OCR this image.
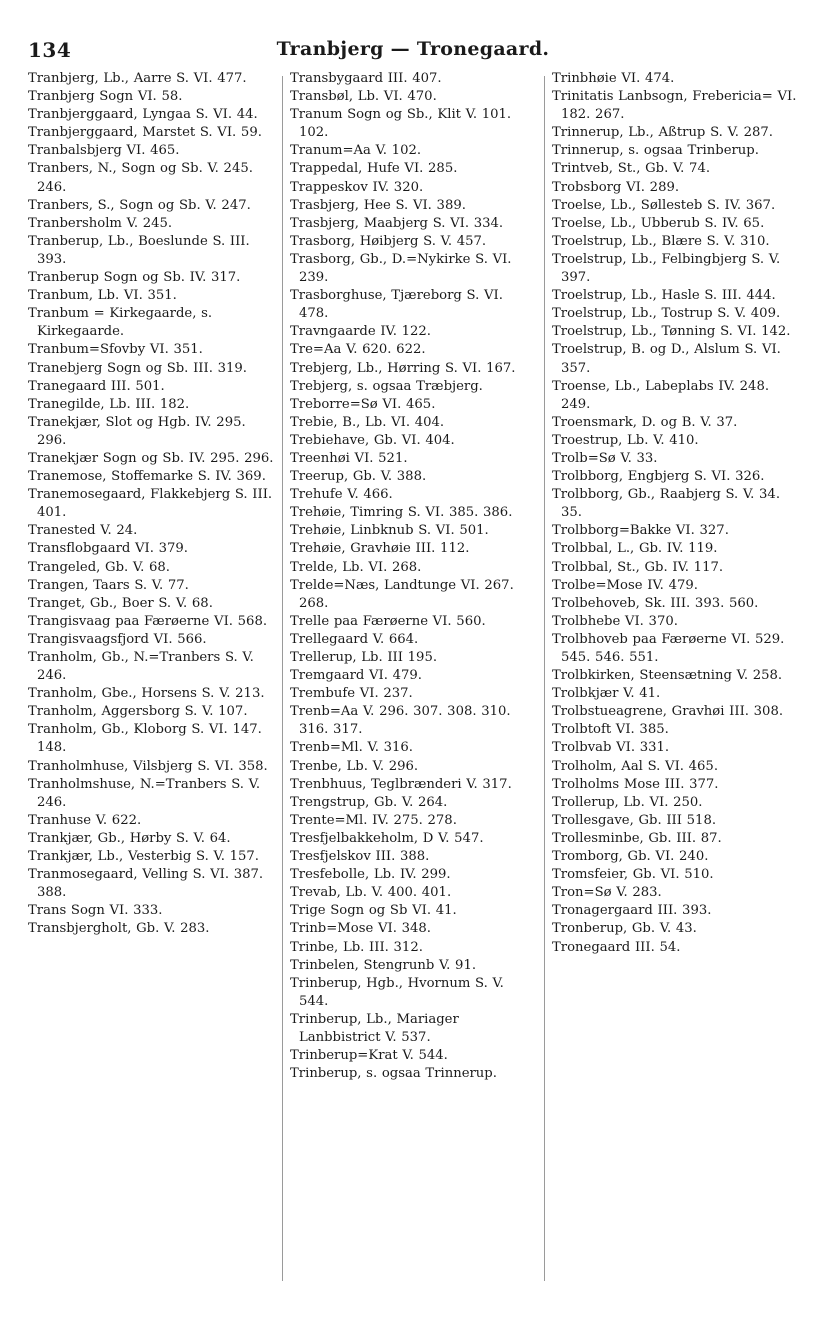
134	Tranbjerg — Tronegaard.

Tranbjerg, Lb., Aarre S. VI. 477.

Tranbjerg Sogn VI. 58.

Tranbjerggaard, Lyngaa S. VI. 44.

Tranbjerggaard, Marstet S. VI. 59.

Tranbalsbjerg VI. 465.

Tranbers, N., Sogn og Sb. V. 245. 246.

Tranbers, S., Sogn og Sb. V. 247.

Tranbersholm V. 245.

Tranberup, Lb., Boeslunde S. III. 393.

Tranberup Sogn og Sb. IV. 317.

Tranbum, Lb. VI. 351.

Tranbum = Kirkegaarde, s. Kirkegaarde.

Tranbum=Sfovby VI. 351.

Tranebjerg Sogn og Sb. III. 319.

Tranegaard III. 501.

Tranegilde, Lb. III. 182.

Tranekjær, Slot og Hgb. IV. 295. 296.

Tranekjær Sogn og Sb. IV. 295. 296.

Tranemose, Stoffemarke S. IV. 369.

Tranemosegaard, Flakkebjerg S. III. 401.

Tranested V. 24.

Transflobgaard VI. 379.

Trangeled, Gb. V. 68.

Trangen, Taars S. V. 77.

Tranget, Gb., Boer S. V. 68.

Trangisvaag paa Færøerne VI. 568.

Trangisvaagsfjord VI. 566.

Tranholm, Gb., N.=Tranbers S. V. 246.

Tranholm, Gbe., Horsens S. V. 213.

Tranholm, Aggersborg S. V. 107.

Tranholm, Gb., Kloborg S. VI. 147. 148.

Tranholmhuse, Vilsbjerg S. VI. 358.

Tranholmshuse, N.=Tranbers S. V. 246.

Tranhuse V. 622.

Trankjær, Gb., Hørby S. V. 64.

Trankjær, Lb., Vesterbig S. V. 157.

Tranmosegaard, Velling S. VI. 387. 388.

Trans Sogn VI. 333.

Transbjergholt, Gb. V. 283.

Transbygaard III. 407.

Transbøl, Lb. VI. 470.

Tranum Sogn og Sb., Klit V. 101. 102.

Tranum=Aa V. 102.

Trappedal, Hufe VI. 285.

Trappeskov IV. 320.

Trasbjerg, Hee S. VI. 389.

Trasbjerg, Maabjerg S. VI. 334.

Trasborg, Høibjerg S. V. 457.

Trasborg, Gb., D.=Nykirke S. VI. 239.

Trasborghuse, Tjæreborg S. VI. 478.

Travngaarde IV. 122.

Tre=Aa V. 620. 622.

Trebjerg, Lb., Hørring S. VI. 167.

Trebjerg, s. ogsaa Træbjerg.

Treborre=Sø VI. 465.

Trebie, B., Lb. VI. 404.

Trebiehave, Gb. VI. 404.

Treenhøi VI. 521.

Treerup, Gb. V. 388.

Trehufe V. 466.

Trehøie, Timring S. VI. 385. 386.

Trehøie, Linbknub S. VI. 501.

Trehøie, Gravhøie III. 112.

Trelde, Lb. VI. 268.

Trelde=Næs, Landtunge VI. 267. 268.

Trelle paa Færøerne VI. 560.

Trellegaard V. 664.

Trellerup, Lb. III 195.

Tremgaard VI. 479.

Trembufe VI. 237.

Trenb=Aa V. 296. 307. 308. 310. 316. 317.

Trenb=Ml. V. 316.

Trenbe, Lb. V. 296.

Trenbhuus, Teglbrænderi V. 317.

Trengstrup, Gb. V. 264.

Trente=Ml. IV. 275. 278.

Tresfjelbakkeholm, D V. 547.

Tresfjelskov III. 388.

Tresfebolle, Lb. IV. 299.

Trevab, Lb. V. 400. 401.

Trige Sogn og Sb VI. 41.

Trinb=Mose VI. 348.

Trinbe, Lb. III. 312.

Trinbelen, Stengrunb V. 91.

Trinberup, Hgb., Hvornum S. V. 544.

Trinberup, Lb., Mariager Lanbbistrict V. 537.

Trinberup=Krat V. 544.

Trinberup, s. ogsaa Trinnerup.

Trinbhøie VI. 474.

Trinitatis Lanbsogn, Frebericia= VI. 182. 267.

Trinnerup, Lb., Aßtrup S. V. 287.

Trinnerup, s. ogsaa Trinberup.

Trintveb, St., Gb. V. 74.

Trobsborg VI. 289.

Troelse, Lb., Søllesteb S. IV. 367.

Troelse, Lb., Ubberub S. IV. 65.

Troelstrup, Lb., Blære S. V. 310.

Troelstrup, Lb., Felbingbjerg S. V. 397.

Troelstrup, Lb., Hasle S. III. 444.

Troelstrup, Lb., Tostrup S. V. 409.

Troelstrup, Lb., Tønning S. VI. 142.

Troelstrup, B. og D., Alslum S. VI. 357.

Troense, Lb., Labeplabs IV. 248. 249.

Troensmark, D. og B. V. 37.

Troestrup, Lb. V. 410.

Trolb=Sø V. 33.

Trolbborg, Engbjerg S. VI. 326.

Trolbborg, Gb., Raabjerg S. V. 34. 35.

Trolbborg=Bakke VI. 327.

Trolbbal, L., Gb. IV. 119.

Trolbbal, St., Gb. IV. 117.

Trolbe=Mose IV. 479.

Trolbehoveb, Sk. III. 393. 560.

Trolbhebe VI. 370.

Trolbhoveb paa Færøerne VI. 529. 545. 546. 551.

Trolbkirken, Steensætning V. 258.

Trolbkjær V. 41.

Trolbstueagrene, Gravhøi III. 308.

Trolbtoft VI. 385.

Trolbvab VI. 331.

Trolholm, Aal S. VI. 465.

Trolholms Mose III. 377.

Trollerup, Lb. VI. 250.

Trollesgave, Gb. III 518.

Trollesminbe, Gb. III. 87.

Tromborg, Gb. VI. 240.

Tromsfeier, Gb. VI. 510.

Tron=Sø V. 283.

Tronagergaard III. 393.

Tronberup, Gb. V. 43.

Tronegaard III. 54.
